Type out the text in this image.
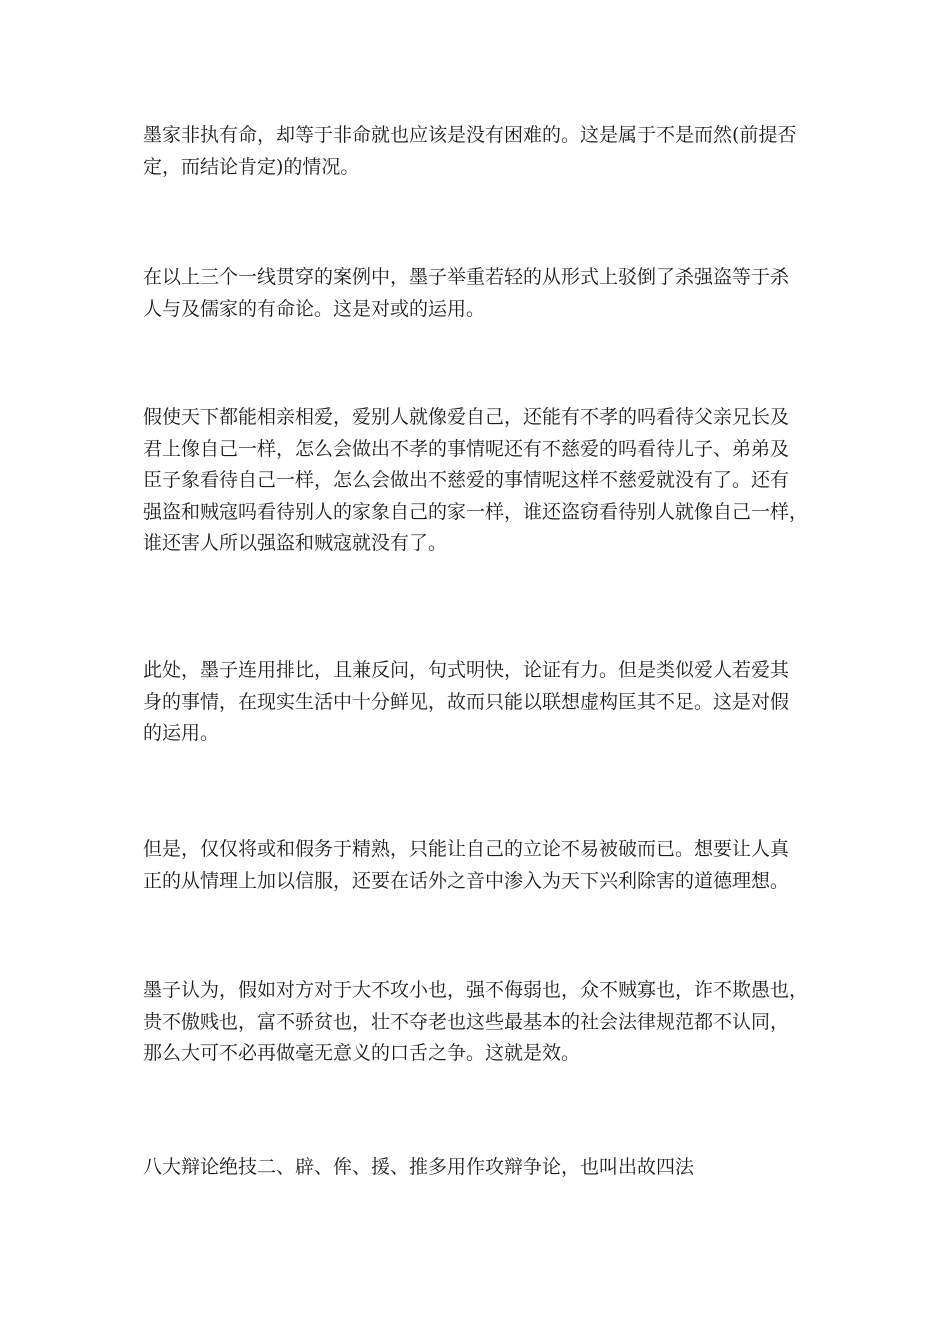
墨家非执有命，却等于非命就也应该是没有困难的。这是属于不是而然(前提否
定，而结论肯定)的情况。
在以上三个一线贯穿的案例中，墨子举重若轻的从形式上驳倒了杀强盗等于杀
人与及儒家的有命论。这是对或的运用。
假使天下都能相亲相爱，爱别人就像爱自己，还能有不孝的吗看待父亲兄长及
君上像自己一样，怎么会做出不孝的事情呢还有不慈爱的吗看待儿子、弟弟及
臣子象看待自己一样，怎么会做出不慈爱的事情呢这样不慈爱就没有了。还有
强盗和贼寇吗看待别人的家象自己的家一样，谁还盗窃看待别人就像自己一样，
谁还害人所以强盗和贼寇就没有了。
此处，墨子连用排比，且兼反问，句式明快，论证有力。但是类似爱人若爱其
身的事情，在现实生活中十分鲜见，故而只能以联想虚构匡其不足。这是对假
的运用。
但是，仅仅将或和假务于精熟，只能让自己的立论不易被破而已。想要让人真
正的从情理上加以信服，还要在话外之音中渗入为天下兴利除害的道德理想。
墨子认为，假如对方对于大不攻小也，强不侮弱也，众不贼寡也，诈不欺愚也，
贵不傲贱也，富不骄贫也，壮不夺老也这些最基本的社会法律规范都不认同，
那么大可不必再做毫无意义的口舌之争。这就是效。
八大辩论绝技二、辟、侔、援、推多用作攻辩争论，也叫出故四法
